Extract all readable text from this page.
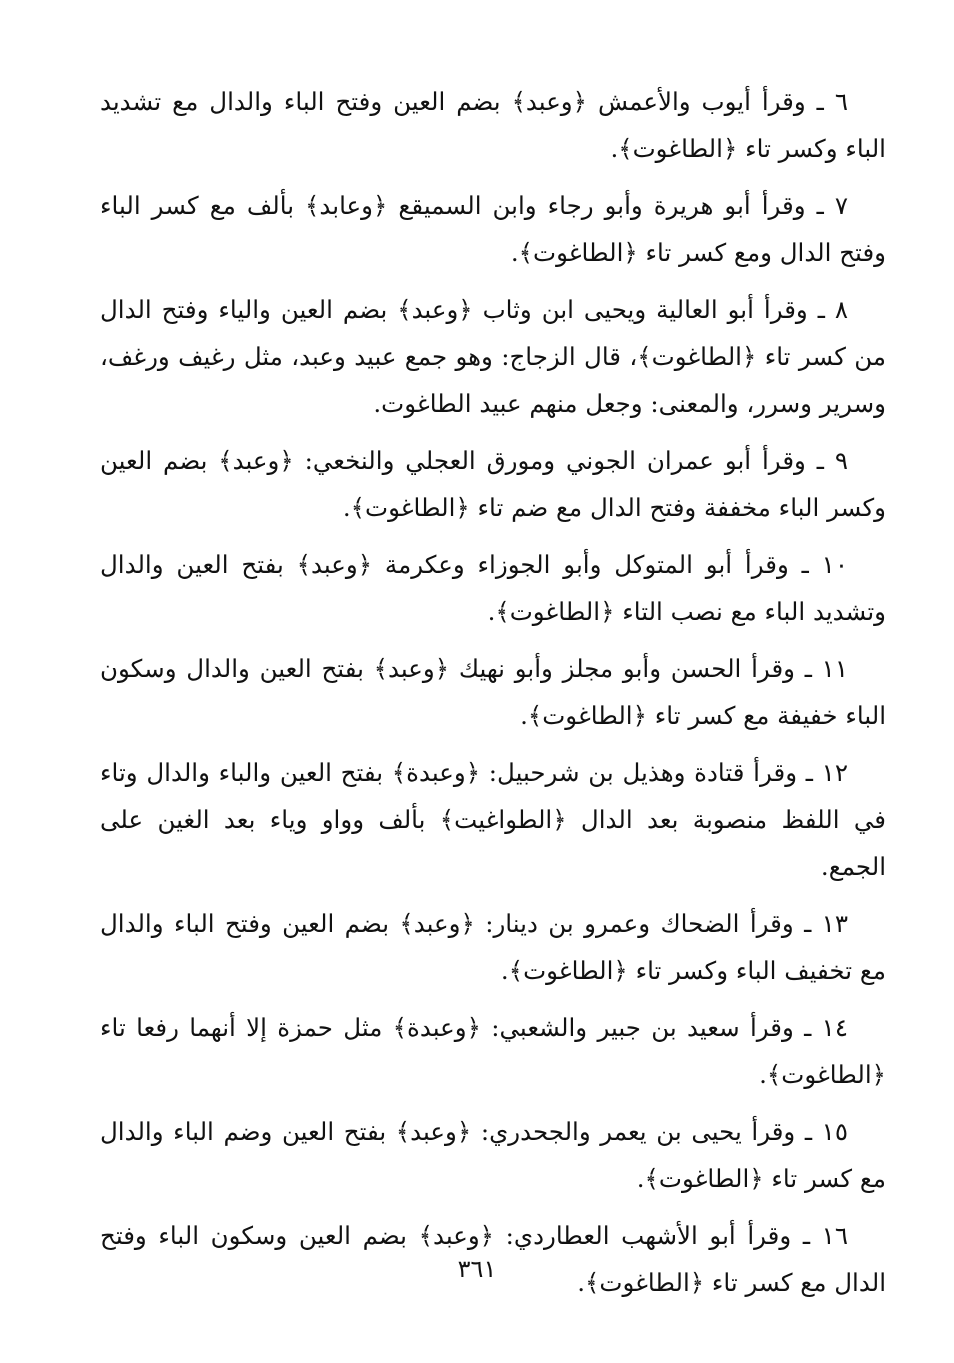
٦ ـ وقرأ أيوب والأعمش ﴿وعبد﴾ بضم العين وفتح الباء والدال مع تشديد الباء وكسر تاء ﴿الطاغوت﴾.

٧ ـ وقرأ أبو هريرة وأبو رجاء وابن السميقع ﴿وعابد﴾ بألف مع كسر الباء وفتح الدال ومع كسر تاء ﴿الطاغوت﴾.

٨ ـ وقرأ أبو العالية ويحيى ابن وثاب ﴿وعبد﴾ بضم العين والياء وفتح الدال من كسر تاء ﴿الطاغوت﴾، قال الزجاج: وهو جمع عبيد وعبد، مثل رغيف ورغف، وسرير وسرر، والمعنى: وجعل منهم عبيد الطاغوت.

٩ ـ وقرأ أبو عمران الجوني ومورق العجلي والنخعي: ﴿وعبد﴾ بضم العين وكسر الباء مخففة وفتح الدال مع ضم تاء ﴿الطاغوت﴾.

١٠ ـ وقرأ أبو المتوكل وأبو الجوزاء وعكرمة ﴿وعبد﴾ بفتح العين والدال وتشديد الباء مع نصب التاء ﴿الطاغوت﴾.

١١ ـ وقرأ الحسن وأبو مجلز وأبو نهيك ﴿وعبد﴾ بفتح العين والدال وسكون الباء خفيفة مع كسر تاء ﴿الطاغوت﴾.

١٢ ـ وقرأ قتادة وهذيل بن شرحبيل: ﴿وعبدة﴾ بفتح العين والباء والدال وتاء في اللفظ منصوبة بعد الدال ﴿الطواغيت﴾ بألف وواو وياء بعد الغين على الجمع.

١٣ ـ وقرأ الضحاك وعمرو بن دينار: ﴿وعبد﴾ بضم العين وفتح الباء والدال مع تخفيف الباء وكسر تاء ﴿الطاغوت﴾.

١٤ ـ وقرأ سعيد بن جبير والشعبي: ﴿وعبدة﴾ مثل حمزة إلا أنهما رفعا تاء ﴿الطاغوت﴾.

١٥ ـ وقرأ يحيى بن يعمر والجحدري: ﴿وعبد﴾ بفتح العين وضم الباء والدال مع كسر تاء ﴿الطاغوت﴾.

١٦ ـ وقرأ أبو الأشهب العطاردي: ﴿وعبد﴾ بضم العين وسكون الباء وفتح الدال مع كسر تاء ﴿الطاغوت﴾.

٣٦١
